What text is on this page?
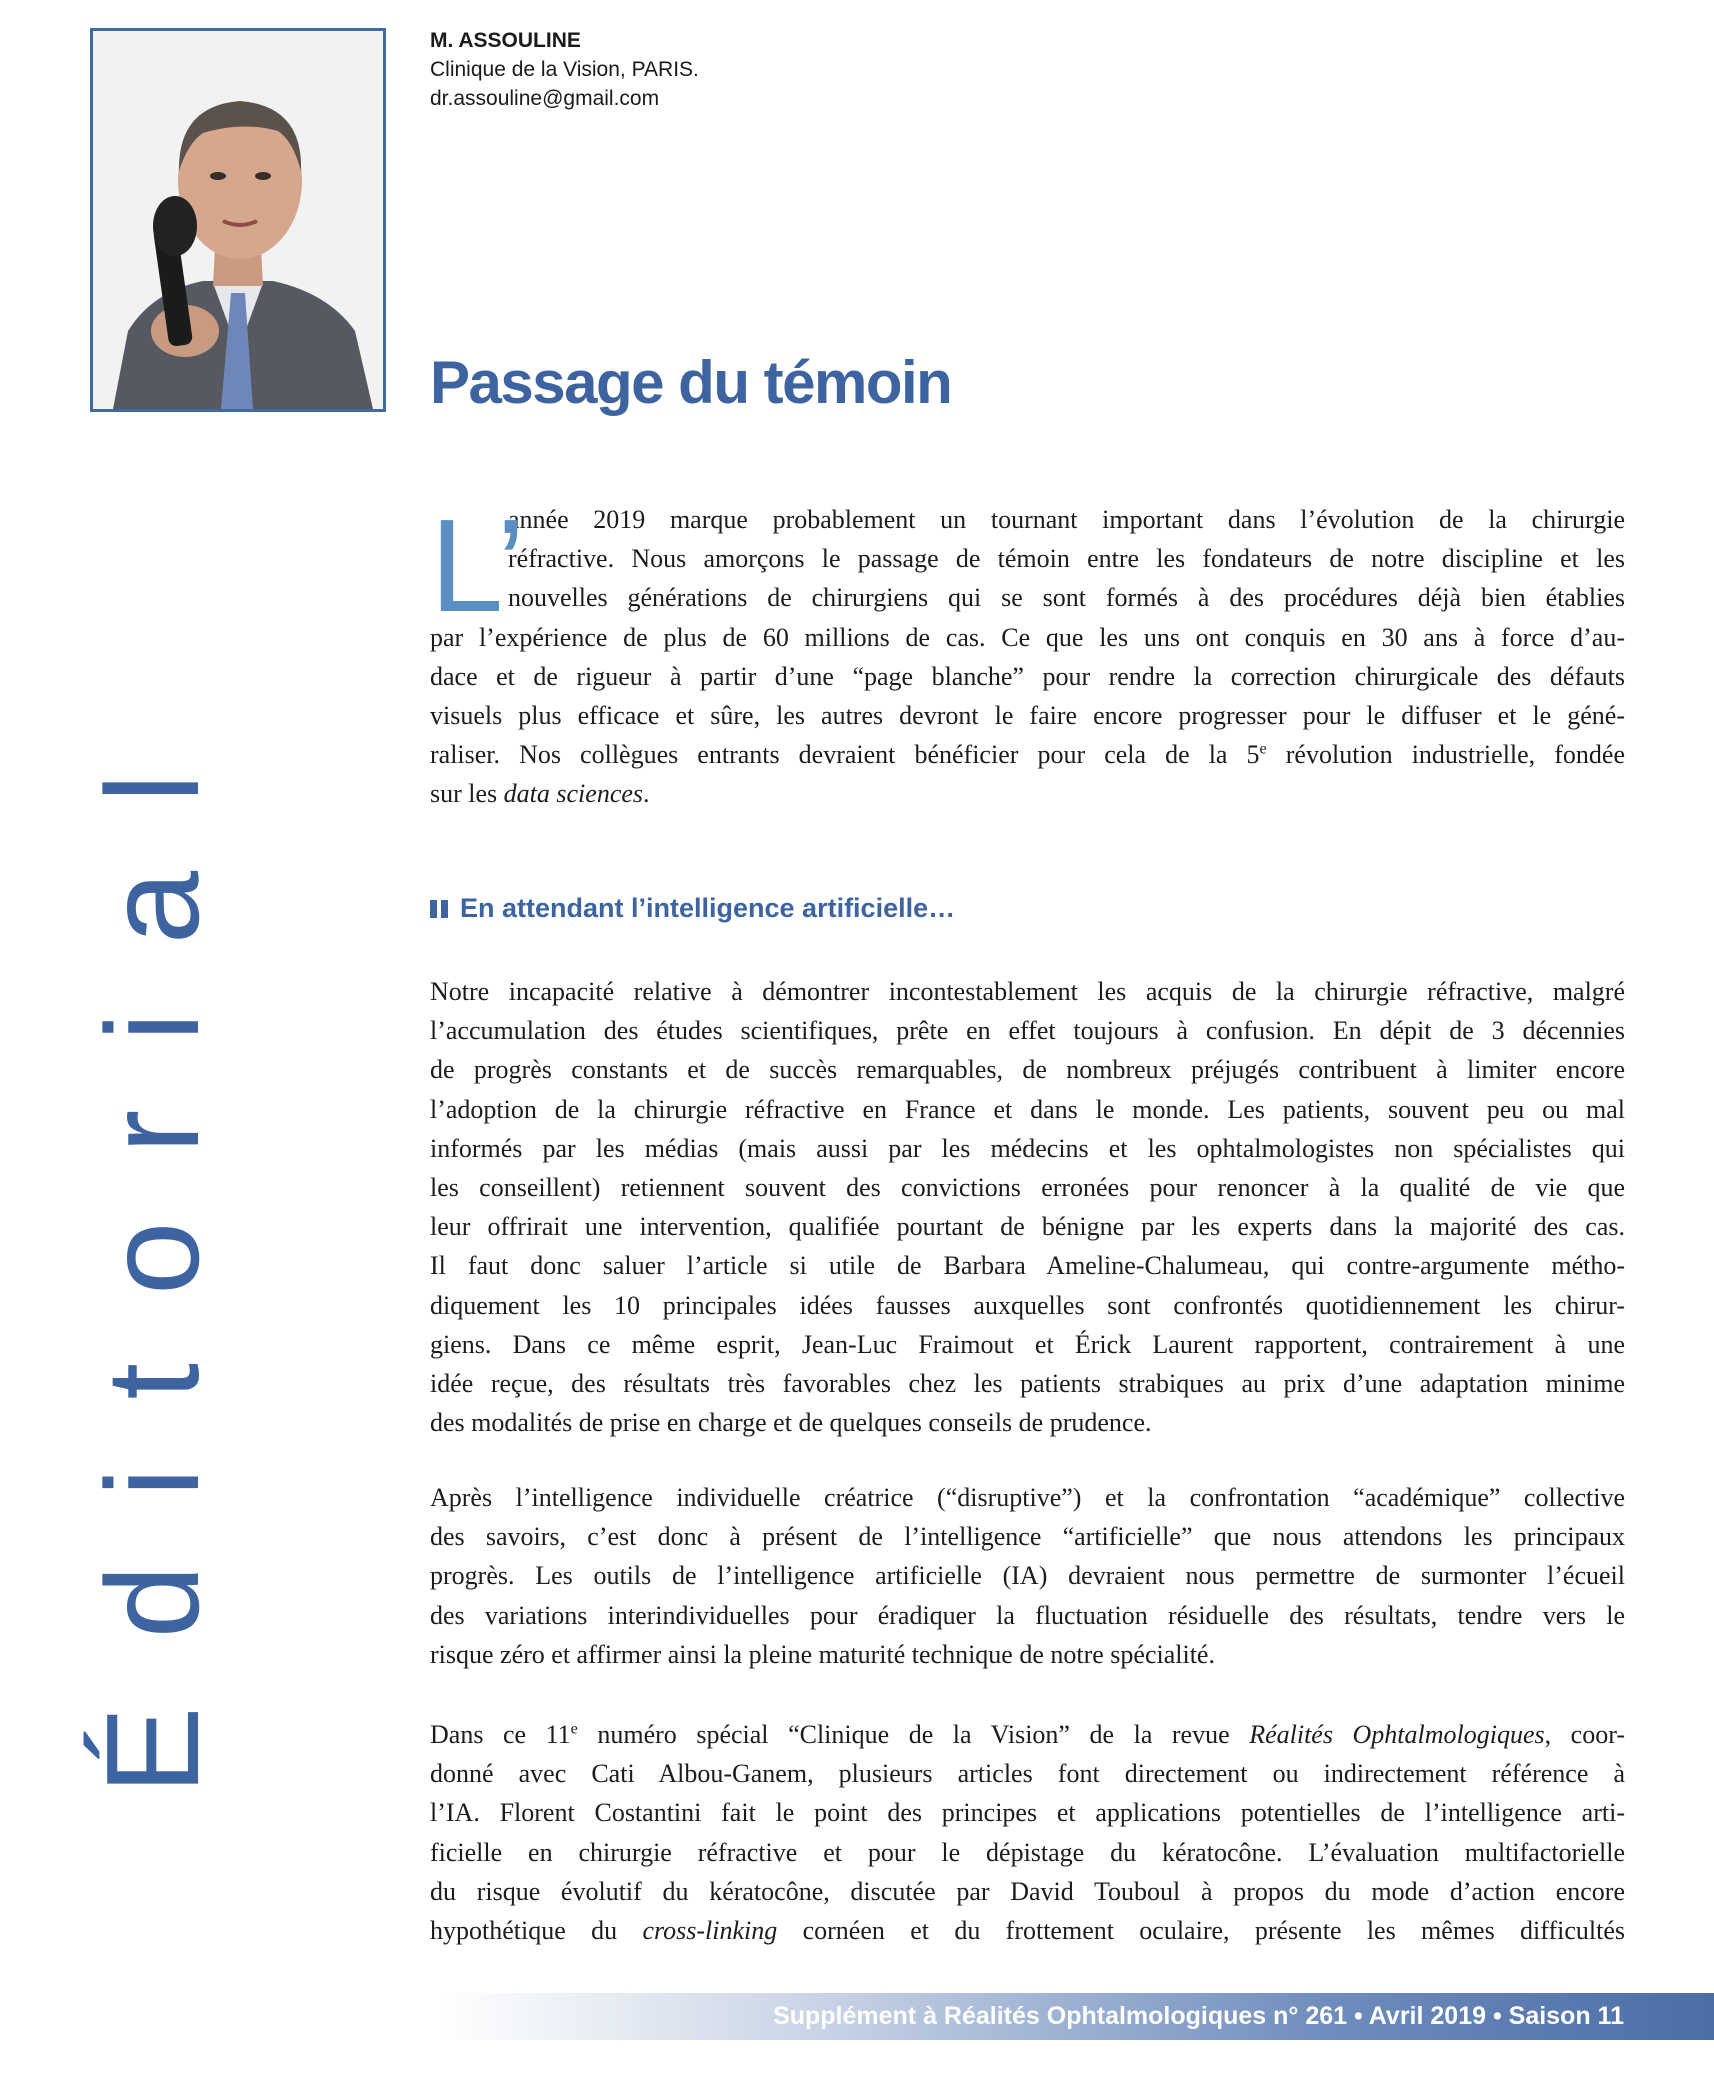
M. ASSOULINE
Clinique de la Vision, PARIS.
dr.assouline@gmail.com
Passage du témoin
Éditorial
L’
année 2019 marque probablement un tournant important dans l’évolution de la chirurgie
réfractive. Nous amorçons le passage de témoin entre les fondateurs de notre discipline et les
nouvelles générations de chirurgiens qui se sont formés à des procédures déjà bien établies
par l’expérience de plus de 60 millions de cas. Ce que les uns ont conquis en 30 ans à force d’au-
dace et de rigueur à partir d’une “page blanche” pour rendre la correction chirurgicale des défauts
visuels plus efficace et sûre, les autres devront le faire encore progresser pour le diffuser et le géné-
raliser. Nos collègues entrants devraient bénéficier pour cela de la 5e révolution industrielle, fondée
sur les data sciences.
En attendant l’intelligence artificielle…
Notre incapacité relative à démontrer incontestablement les acquis de la chirurgie réfractive, malgré
l’accumulation des études scientifiques, prête en effet toujours à confusion. En dépit de 3 décennies
de progrès constants et de succès remarquables, de nombreux préjugés contribuent à limiter encore
l’adoption de la chirurgie réfractive en France et dans le monde. Les patients, souvent peu ou mal
informés par les médias (mais aussi par les médecins et les ophtalmologistes non spécialistes qui
les conseillent) retiennent souvent des convictions erronées pour renoncer à la qualité de vie que
leur offrirait une intervention, qualifiée pourtant de bénigne par les experts dans la majorité des cas.
Il faut donc saluer l’article si utile de Barbara Ameline-Chalumeau, qui contre-argumente métho-
diquement les 10 principales idées fausses auxquelles sont confrontés quotidiennement les chirur-
giens. Dans ce même esprit, Jean-Luc Fraimout et Érick Laurent rapportent, contrairement à une
idée reçue, des résultats très favorables chez les patients strabiques au prix d’une adaptation minime
des modalités de prise en charge et de quelques conseils de prudence.
Après l’intelligence individuelle créatrice (“disruptive”) et la confrontation “académique” collective
des savoirs, c’est donc à présent de l’intelligence “artificielle” que nous attendons les principaux
progrès. Les outils de l’intelligence artificielle (IA) devraient nous permettre de surmonter l’écueil
des variations interindividuelles pour éradiquer la fluctuation résiduelle des résultats, tendre vers le
risque zéro et affirmer ainsi la pleine maturité technique de notre spécialité.
Dans ce 11e numéro spécial “Clinique de la Vision” de la revue Réalités Ophtalmologiques, coor-
donné avec Cati Albou-Ganem, plusieurs articles font directement ou indirectement référence à
l’IA. Florent Costantini fait le point des principes et applications potentielles de l’intelligence arti-
ficielle en chirurgie réfractive et pour le dépistage du kératocône. L’évaluation multifactorielle
du risque évolutif du kératocône, discutée par David Touboul à propos du mode d’action encore
hypothétique du cross-linking cornéen et du frottement oculaire, présente les mêmes difficultés
Supplément à Réalités Ophtalmologiques n° 261 • Avril 2019 • Saison 11
